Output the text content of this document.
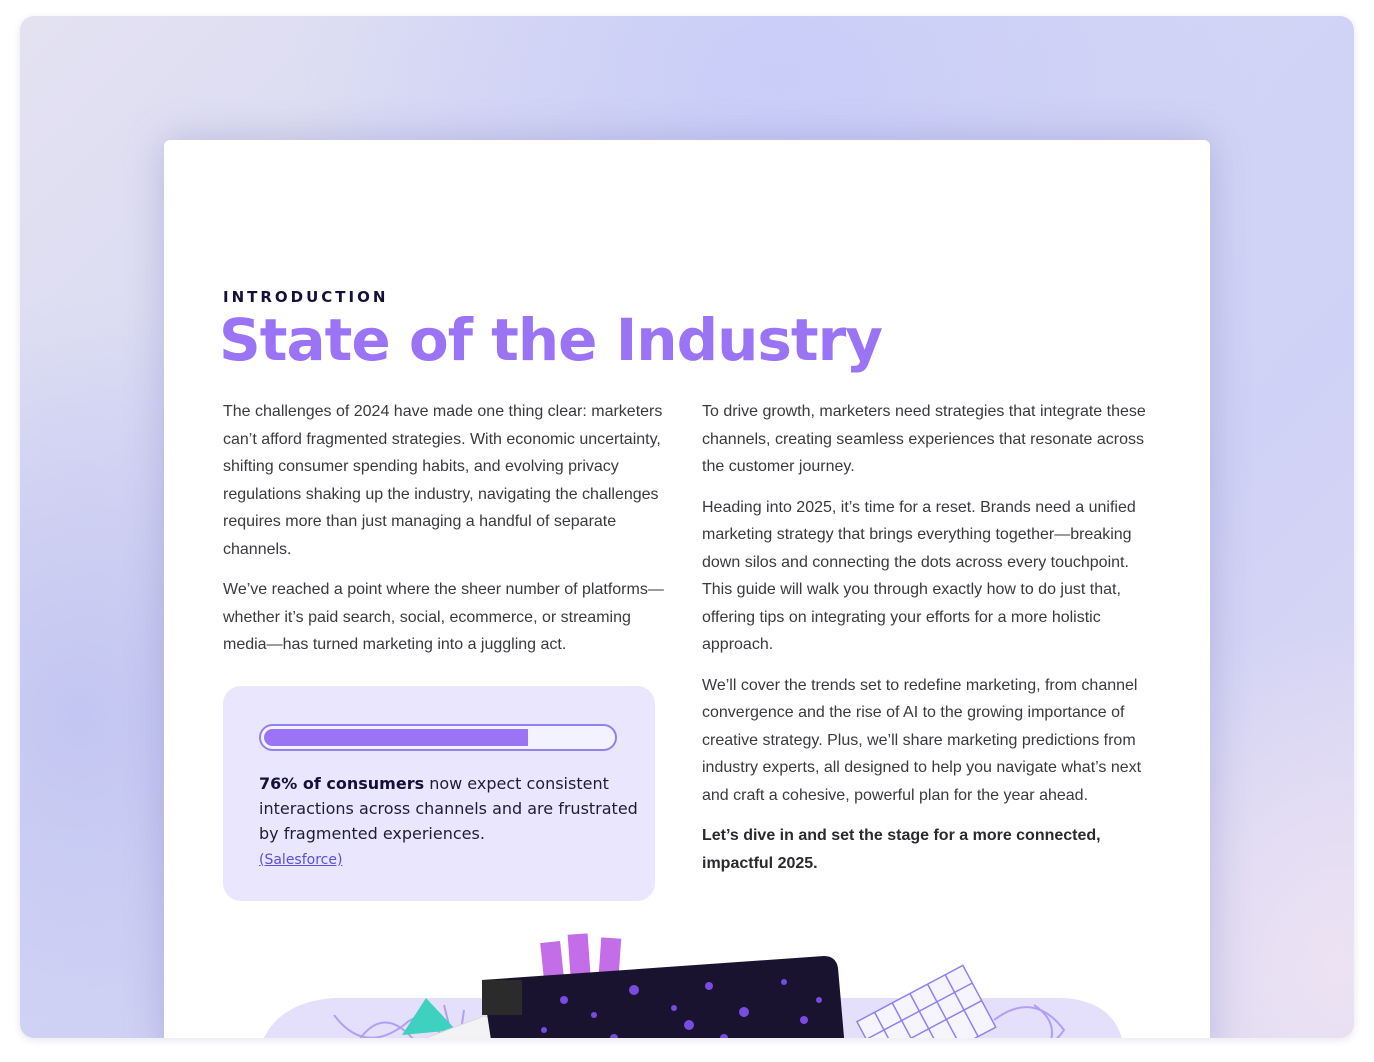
INTRODUCTION
State of the Industry

The challenges of 2024 have made one thing clear: marketers can’t afford fragmented strategies. With economic uncertainty, shifting consumer spending habits, and evolving privacy regulations shaking up the industry, navigating the challenges requires more than just managing a handful of separate channels.

We’ve reached a point where the sheer number of platforms—whether it’s paid search, social, ecommerce, or streaming media—has turned marketing into a juggling act.

76% of consumers now expect consistent interactions across channels and are frustrated by fragmented experiences.
(Salesforce)

To drive growth, marketers need strategies that integrate these channels, creating seamless experiences that resonate across the customer journey.

Heading into 2025, it’s time for a reset. Brands need a unified marketing strategy that brings everything together—breaking down silos and connecting the dots across every touchpoint. This guide will walk you through exactly how to do just that, offering tips on integrating your efforts for a more holistic approach.

We’ll cover the trends set to redefine marketing, from channel convergence and the rise of AI to the growing importance of creative strategy. Plus, we’ll share marketing predictions from industry experts, all designed to help you navigate what’s next and craft a cohesive, powerful plan for the year ahead.

Let’s dive in and set the stage for a more connected, impactful 2025.
